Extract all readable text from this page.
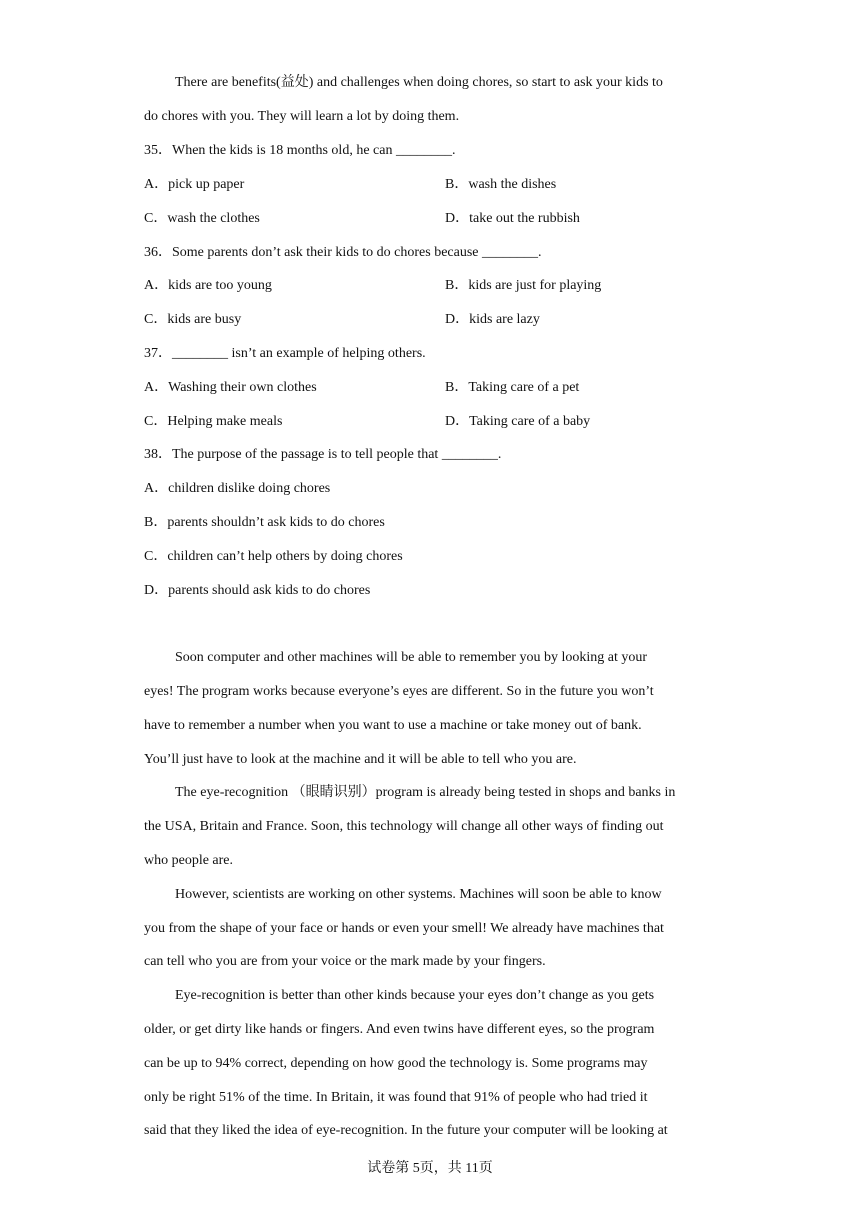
There are benefits(益处) and challenges when doing chores, so start to ask your kids to
do chores with you. They will learn a lot by doing them.
35．When the kids is 18 months old, he can ________.
A．pick up paper	B．wash the dishes
C．wash the clothes	D．take out the rubbish
36．Some parents don’t ask their kids to do chores because ________.
A．kids are too young	B．kids are just for playing
C．kids are busy	D．kids are lazy
37．________ isn’t an example of helping others.
A．Washing their own clothes	B．Taking care of a pet
C．Helping make meals	D．Taking care of a baby
38．The purpose of the passage is to tell people that ________.
A．children dislike doing chores
B．parents shouldn’t ask kids to do chores
C．children can’t help others by doing chores
D．parents should ask kids to do chores
Soon computer and other machines will be able to remember you by looking at your
eyes! The program works because everyone’s eyes are different. So in the future you won’t
have to remember a number when you want to use a machine or take money out of bank.
You’ll just have to look at the machine and it will be able to tell who you are.
The eye-recognition （眼睛识别）program is already being tested in shops and banks in
the USA, Britain and France. Soon, this technology will change all other ways of finding out
who people are.
However, scientists are working on other systems. Machines will soon be able to know
you from the shape of your face or hands or even your smell! We already have machines that
can tell who you are from your voice or the mark made by your fingers.
Eye-recognition is better than other kinds because your eyes don’t change as you gets
older, or get dirty like hands or fingers. And even twins have different eyes, so the program
can be up to 94% correct, depending on how good the technology is. Some programs may
only be right 51% of the time. In Britain, it was found that 91% of people who had tried it
said that they liked the idea of eye-recognition. In the future your computer will be looking at
试卷第 5页，共 11页
